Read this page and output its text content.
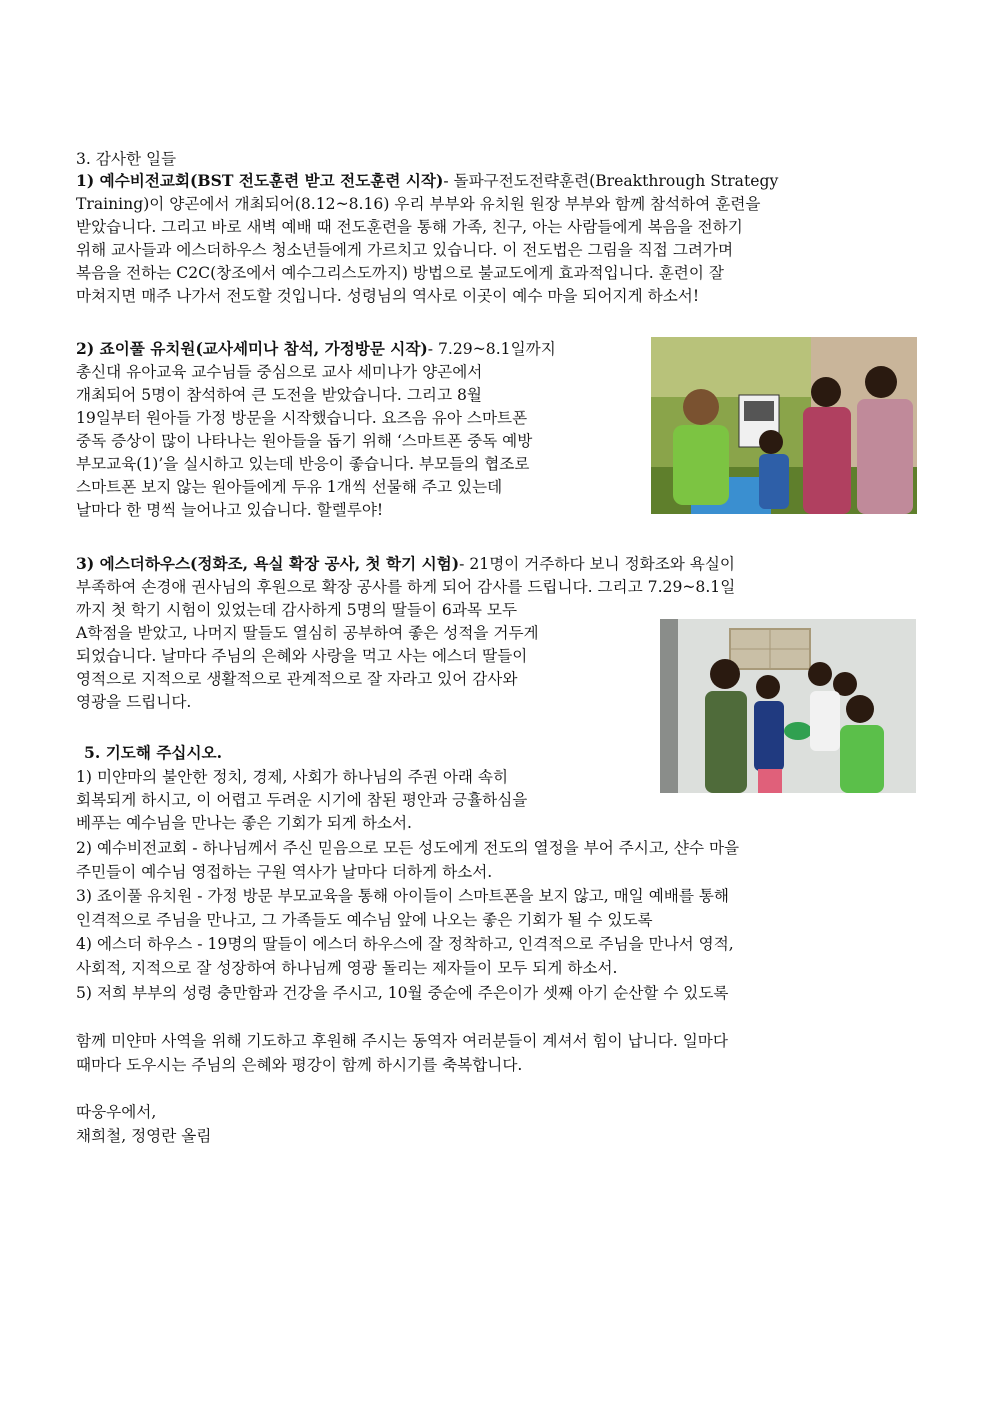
3. 감사한 일들
1) 예수비전교회(BST 전도훈련 받고 전도훈련 시작)- 돌파구전도전략훈련(Breakthrough Strategy
Training)이 양곤에서 개최되어(8.12~8.16) 우리 부부와 유치원 원장 부부와 함께 참석하여 훈련을
받았습니다. 그리고 바로 새벽 예배 때 전도훈련을 통해 가족, 친구, 아는 사람들에게 복음을 전하기
위해 교사들과 에스더하우스 청소년들에게 가르치고 있습니다. 이 전도법은 그림을 직접 그려가며
복음을 전하는 C2C(창조에서 예수그리스도까지) 방법으로 불교도에게 효과적입니다. 훈련이 잘
마쳐지면 매주 나가서 전도할 것입니다. 성령님의 역사로 이곳이 예수 마을 되어지게 하소서!
2) 죠이풀 유치원(교사세미나 참석, 가정방문 시작)- 7.29~8.1일까지
총신대 유아교육 교수님들 중심으로 교사 세미나가 양곤에서
개최되어 5명이 참석하여 큰 도전을 받았습니다. 그리고 8월
19일부터 원아들 가정 방문을 시작했습니다. 요즈음 유아 스마트폰
중독 증상이 많이 나타나는 원아들을 돕기 위해 ‘스마트폰 중독 예방
부모교육(1)’을 실시하고 있는데 반응이 좋습니다. 부모들의 협조로
스마트폰 보지 않는 원아들에게 두유 1개씩 선물해 주고 있는데
날마다 한 명씩 늘어나고 있습니다. 할렐루야!
3) 에스더하우스(정화조, 욕실 확장 공사, 첫 학기 시험)- 21명이 거주하다 보니 정화조와 욕실이
부족하여 손경애 권사님의 후원으로 확장 공사를 하게 되어 감사를 드립니다. 그리고 7.29~8.1일
까지 첫 학기 시험이 있었는데 감사하게 5명의 딸들이 6과목 모두
A학점을 받았고, 나머지 딸들도 열심히 공부하여 좋은 성적을 거두게
되었습니다. 날마다 주님의 은혜와 사랑을 먹고 사는 에스더 딸들이
영적으로 지적으로 생활적으로 관계적으로 잘 자라고 있어 감사와
영광을 드립니다.
5. 기도해 주십시오.
1) 미얀마의 불안한 정치, 경제, 사회가 하나님의 주권 아래 속히
회복되게 하시고, 이 어렵고 두려운 시기에 참된 평안과 긍휼하심을
베푸는 예수님을 만나는 좋은 기회가 되게 하소서.
2) 예수비전교회 - 하나님께서 주신 믿음으로 모든 성도에게 전도의 열정을 부어 주시고, 샨수 마을
주민들이 예수님 영접하는 구원 역사가 날마다 더하게 하소서.
3) 죠이풀 유치원 - 가정 방문 부모교육을 통해 아이들이 스마트폰을 보지 않고, 매일 예배를 통해
인격적으로 주님을 만나고, 그 가족들도 예수님 앞에 나오는 좋은 기회가 될 수 있도록
4) 에스더 하우스 - 19명의 딸들이 에스더 하우스에 잘 정착하고, 인격적으로 주님을 만나서 영적,
사회적, 지적으로 잘 성장하여 하나님께 영광 돌리는 제자들이 모두 되게 하소서.
5) 저희 부부의 성령 충만함과 건강을 주시고, 10월 중순에 주은이가 셋째 아기 순산할 수 있도록
함께 미얀마 사역을 위해 기도하고 후원해 주시는 동역자 여러분들이 계셔서 힘이 납니다. 일마다
때마다 도우시는 주님의 은혜와 평강이 함께 하시기를 축복합니다.
따웅우에서,
채희철, 정영란 올림
